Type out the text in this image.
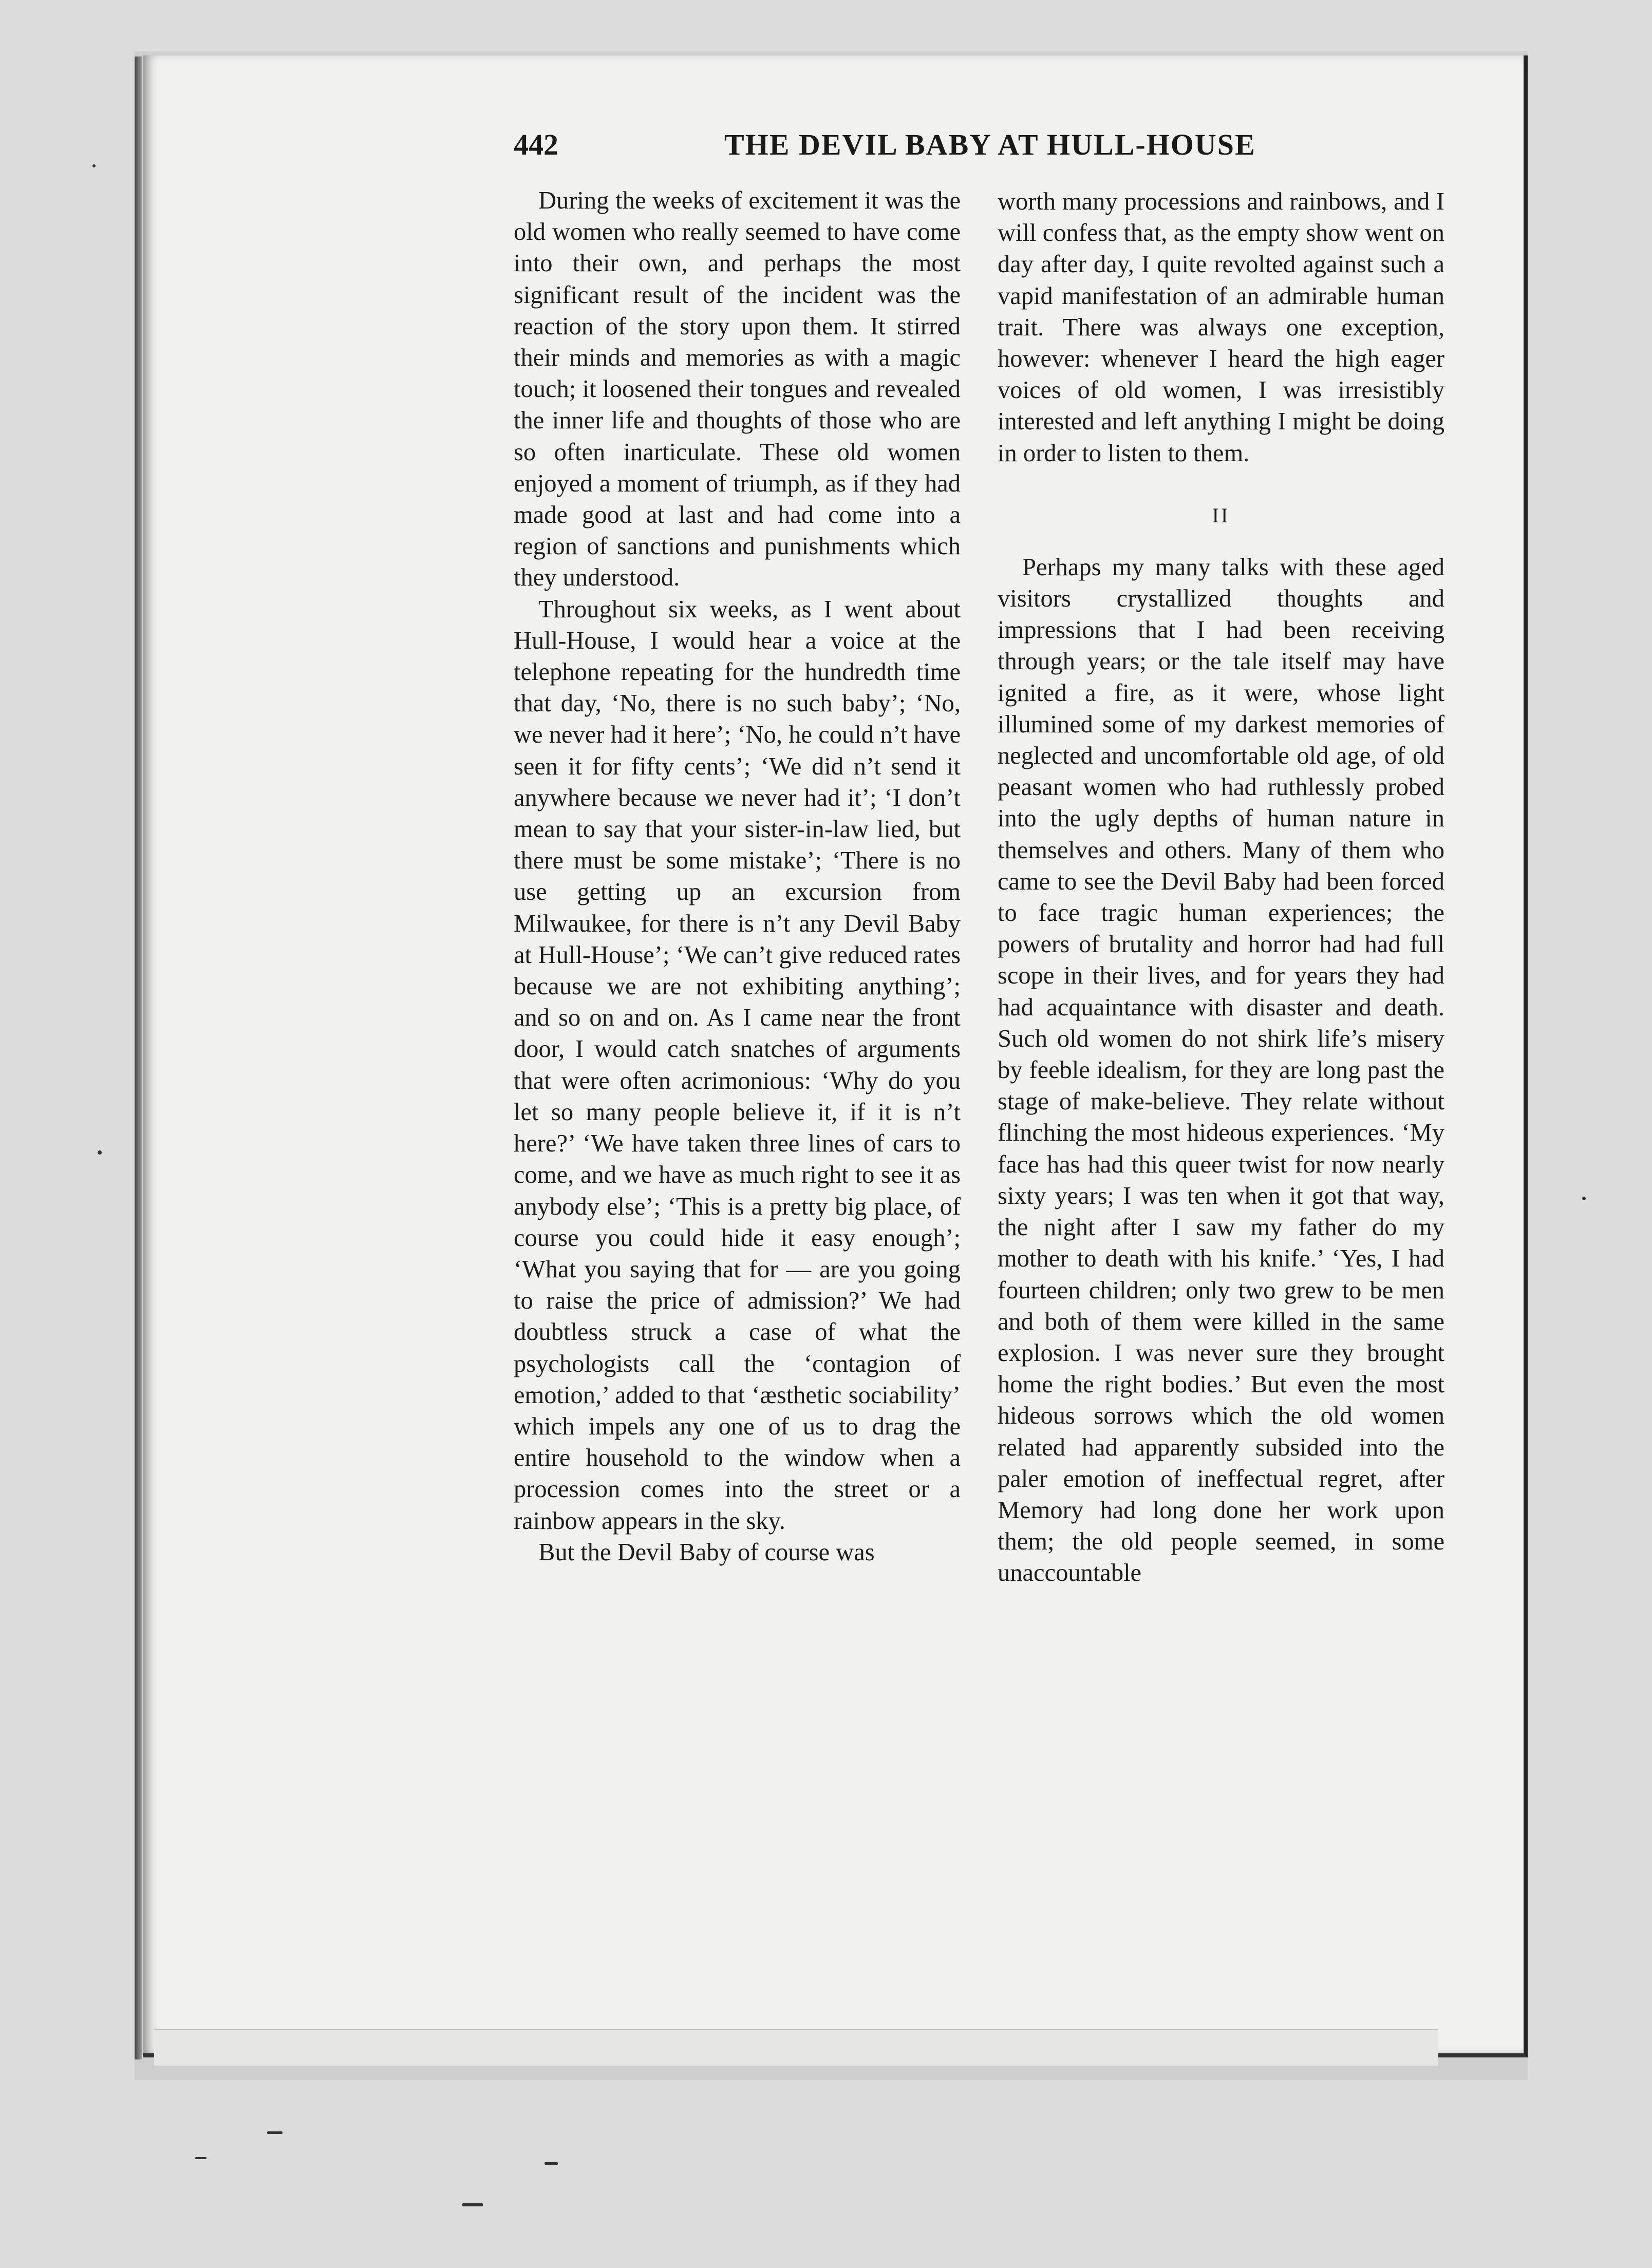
442	THE DEVIL BABY AT HULL-HOUSE

During the weeks of excitement it was the old women who really seemed to have come into their own, and perhaps the most significant result of the incident was the reaction of the story upon them. It stirred their minds and memories as with a magic touch; it loosened their tongues and revealed the inner life and thoughts of those who are so often inarticulate. These old women enjoyed a moment of triumph, as if they had made good at last and had come into a region of sanctions and punishments which they understood.

Throughout six weeks, as I went about Hull-House, I would hear a voice at the telephone repeating for the hundredth time that day, ‘No, there is no such baby’; ‘No, we never had it here’; ‘No, he could n’t have seen it for fifty cents’; ‘We did n’t send it anywhere because we never had it’; ‘I don’t mean to say that your sister-in-law lied, but there must be some mistake’; ‘There is no use getting up an excursion from Milwaukee, for there is n’t any Devil Baby at Hull-House’; ‘We can’t give reduced rates because we are not exhibiting anything’; and so on and on. As I came near the front door, I would catch snatches of arguments that were often acrimonious: ‘Why do you let so many people believe it, if it is n’t here?’ ‘We have taken three lines of cars to come, and we have as much right to see it as anybody else’; ‘This is a pretty big place, of course you could hide it easy enough’; ‘What you saying that for — are you going to raise the price of admission?’ We had doubtless struck a case of what the psychologists call the ‘contagion of emotion,’ added to that ‘æsthetic sociability’ which impels any one of us to drag the entire household to the window when a procession comes into the street or a rainbow appears in the sky.

But the Devil Baby of course was

worth many processions and rainbows, and I will confess that, as the empty show went on day after day, I quite revolted against such a vapid manifestation of an admirable human trait. There was always one exception, however: whenever I heard the high eager voices of old women, I was irresistibly interested and left anything I might be doing in order to listen to them.

II

Perhaps my many talks with these aged visitors crystallized thoughts and impressions that I had been receiving through years; or the tale itself may have ignited a fire, as it were, whose light illumined some of my darkest memories of neglected and uncomfortable old age, of old peasant women who had ruthlessly probed into the ugly depths of human nature in themselves and others. Many of them who came to see the Devil Baby had been forced to face tragic human experiences; the powers of brutality and horror had had full scope in their lives, and for years they had had acquaintance with disaster and death. Such old women do not shirk life’s misery by feeble idealism, for they are long past the stage of make-believe. They relate without flinching the most hideous experiences. ‘My face has had this queer twist for now nearly sixty years; I was ten when it got that way, the night after I saw my father do my mother to death with his knife.’ ‘Yes, I had fourteen children; only two grew to be men and both of them were killed in the same explosion. I was never sure they brought home the right bodies.’ But even the most hideous sorrows which the old women related had apparently subsided into the paler emotion of ineffectual regret, after Memory had long done her work upon them; the old people seemed, in some unaccountable
